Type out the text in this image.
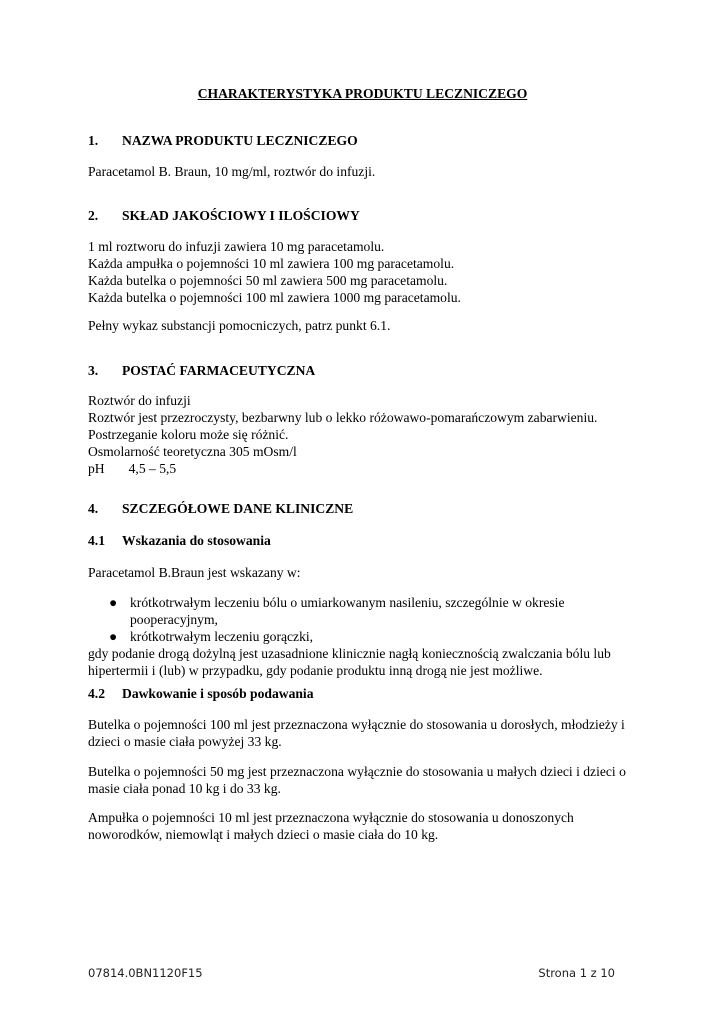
CHARAKTERYSTYKA PRODUKTU LECZNICZEGO
1. NAZWA PRODUKTU LECZNICZEGO

Paracetamol B. Braun, 10 mg/ml, roztwór do infuzji.

2. SKŁAD JAKOŚCIOWY I ILOŚCIOWY

1 ml roztworu do infuzji zawiera 10 mg paracetamolu.
Każda ampułka o pojemności 10 ml zawiera 100 mg paracetamolu.
Każda butelka o pojemności 50 ml zawiera 500 mg paracetamolu.
Każda butelka o pojemności 100 ml zawiera 1000 mg paracetamolu.

Pełny wykaz substancji pomocniczych, patrz punkt 6.1.

3. POSTAĆ FARMACEUTYCZNA

Roztwór do infuzji
Roztwór jest przezroczysty, bezbarwny lub o lekko różowawo-pomarańczowym zabarwieniu.
Postrzeganie koloru może się różnić.
Osmolarność teoretyczna 305 mOsm/l
pH 4,5 – 5,5

4. SZCZEGÓŁOWE DANE KLINICZNE
4.1 Wskazania do stosowania

Paracetamol B.Braun jest wskazany w:

● krótkotrwałym leczeniu bólu o umiarkowanym nasileniu, szczególnie w okresie
pooperacyjnym,
● krótkotrwałym leczeniu gorączki,

gdy podanie drogą dożylną jest uzasadnione klinicznie nagłą koniecznością zwalczania bólu lub
hipertermii i (lub) w przypadku, gdy podanie produktu inną drogą nie jest możliwe.

4.2 Dawkowanie i sposób podawania

Butelka o pojemności 100 ml jest przeznaczona wyłącznie do stosowania u dorosłych, młodzieży i
dzieci o masie ciała powyżej 33 kg.

Butelka o pojemności 50 mg jest przeznaczona wyłącznie do stosowania u małych dzieci i dzieci o
masie ciała ponad 10 kg i do 33 kg.

Ampułka o pojemności 10 ml jest przeznaczona wyłącznie do stosowania u donoszonych
noworodków, niemowląt i małych dzieci o masie ciała do 10 kg.

07814.0BN1120F15	Strona 1 z 10
